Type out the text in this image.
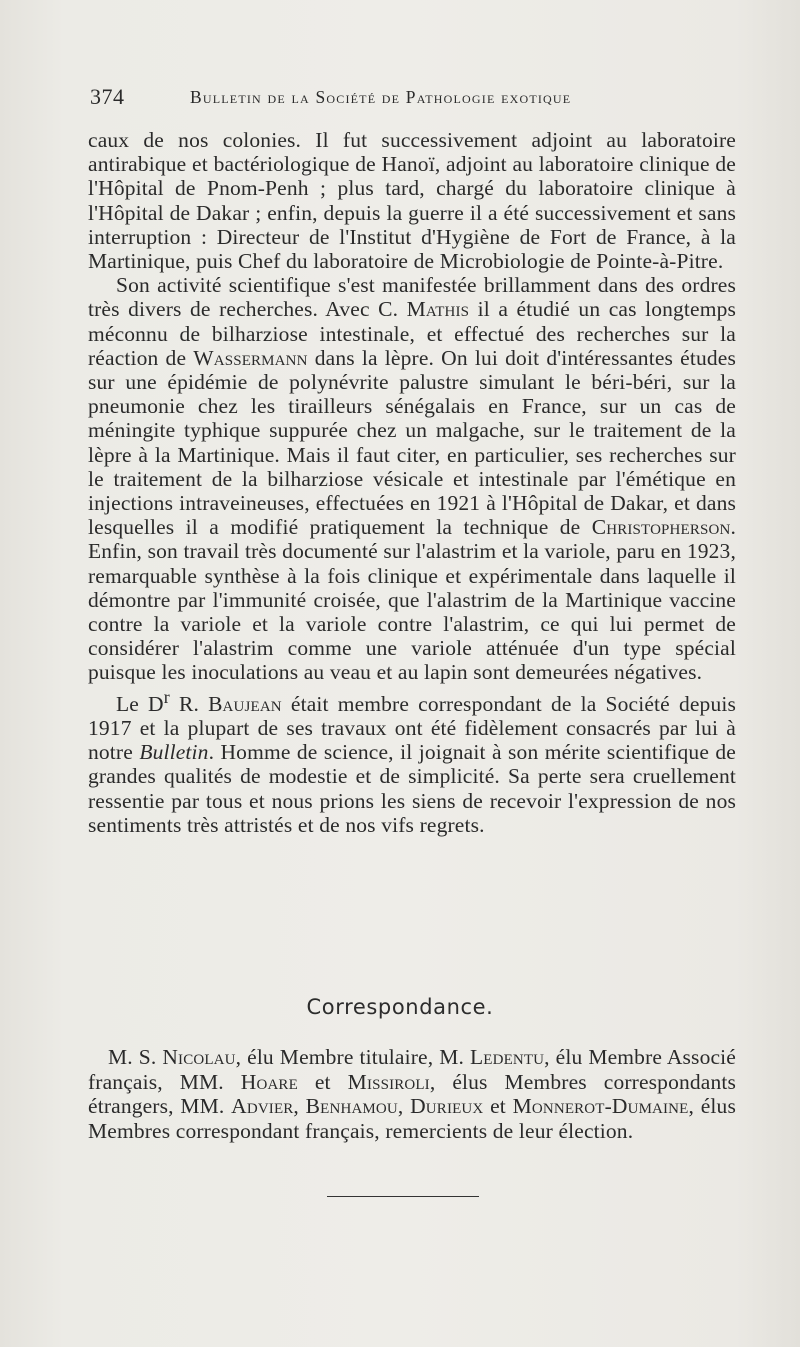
374	Bulletin de la Société de Pathologie exotique

caux de nos colonies. Il fut successivement adjoint au laboratoire antirabique et bactériologique de Hanoï, adjoint au laboratoire clinique de l'Hôpital de Pnom-Penh ; plus tard, chargé du laboratoire clinique à l'Hôpital de Dakar ; enfin, depuis la guerre il a été successivement et sans interruption : Directeur de l'Institut d'Hygiène de Fort de France, à la Martinique, puis Chef du laboratoire de Microbiologie de Pointe-à-Pitre.

Son activité scientifique s'est manifestée brillamment dans des ordres très divers de recherches. Avec C. Mathis il a étudié un cas longtemps méconnu de bilharziose intestinale, et effectué des recherches sur la réaction de Wassermann dans la lèpre. On lui doit d'intéressantes études sur une épidémie de polynévrite palustre simulant le béri-béri, sur la pneumonie chez les tirailleurs sénégalais en France, sur un cas de méningite typhique suppurée chez un malgache, sur le traitement de la lèpre à la Martinique. Mais il faut citer, en particulier, ses recherches sur le traitement de la bilharziose vésicale et intestinale par l'émétique en injections intraveineuses, effectuées en 1921 à l'Hôpital de Dakar, et dans lesquelles il a modifié pratiquement la technique de Christopherson. Enfin, son travail très documenté sur l'alastrim et la variole, paru en 1923, remarquable synthèse à la fois clinique et expérimentale dans laquelle il démontre par l'immunité croisée, que l'alastrim de la Martinique vaccine contre la variole et la variole contre l'alastrim, ce qui lui permet de considérer l'alastrim comme une variole atténuée d'un type spécial puisque les inoculations au veau et au lapin sont demeurées négatives.

Le $D^r$ R. Baujean était membre correspondant de la Société depuis 1917 et la plupart de ses travaux ont été fidèlement consacrés par lui à notre Bulletin. Homme de science, il joignait à son mérite scientifique de grandes qualités de modestie et de simplicité. Sa perte sera cruellement ressentie par tous et nous prions les siens de recevoir l'expression de nos sentiments très attristés et de nos vifs regrets.

Correspondance.

M. S. Nicolau, élu Membre titulaire, M. Ledentu, élu Membre Associé français, MM. Hoare et Missiroli, élus Membres correspondants étrangers, MM. Advier, Benhamou, Durieux et Monnerot-Dumaine, élus Membres correspondant français, remercients de leur élection.
